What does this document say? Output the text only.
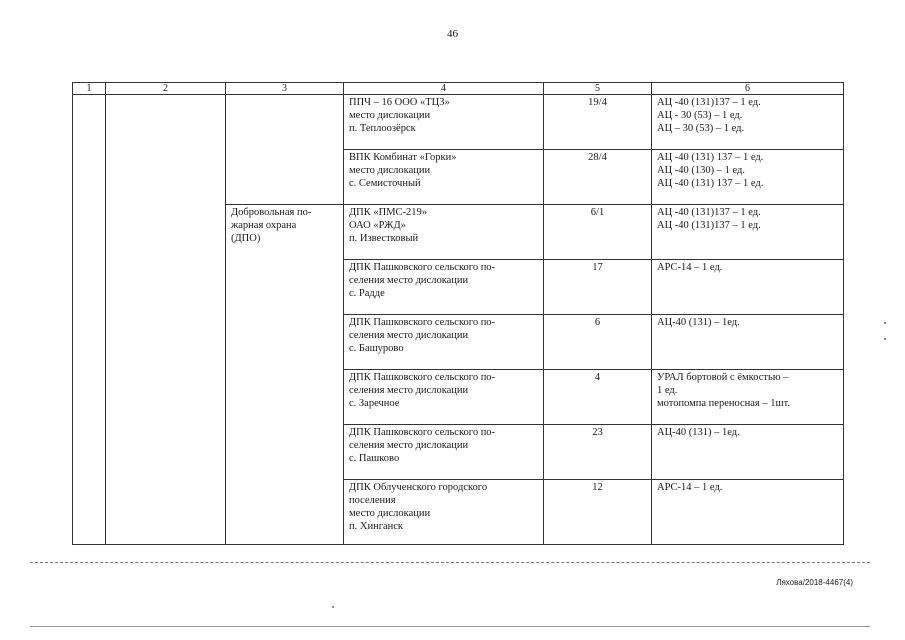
46
1	2	3	4	5	6

			ППЧ – 16 ООО «ТЦЗ»
место дислокации
п. Теплоозёрск	19/4	АЦ -40 (131)137 – 1 ед.
АЦ - 30 (53) – 1 ед.
АЦ – 30 (53) – 1 ед.

			ВПК Комбинат «Горки»
место дислокации
с. Семисточный	28/4	АЦ -40 (131) 137 – 1 ед.
АЦ -40 (130) – 1 ед.
АЦ -40 (131) 137 – 1 ед.

		Добровольная по-
жарная охрана
(ДПО)	ДПК «ПМС-219»
ОАО «РЖД»
п. Известковый	6/1	АЦ -40 (131)137 – 1 ед.
АЦ -40 (131)137 – 1 ед.

			ДПК Пашковского сельского по-
селения место дислокации
с. Радде	17	АРС-14 – 1 ед.

			ДПК Пашковского сельского по-
селения место дислокации
с. Башурово	6	АЦ-40 (131) – 1ед.

			ДПК Пашковского сельского по-
селения место дислокации
с. Заречное	4	УРАЛ бортовой с ёмкостью –
1 ед.
мотопомпа переносная – 1шт.

			ДПК Пашковского сельского по-
селения место дислокации
с. Пашково	23	АЦ-40 (131) – 1ед.

			ДПК Облученского городского
поселения
место дислокации
п. Хинганск	12	АРС-14 – 1 ед.
Ляхова/2018-4467(4)
